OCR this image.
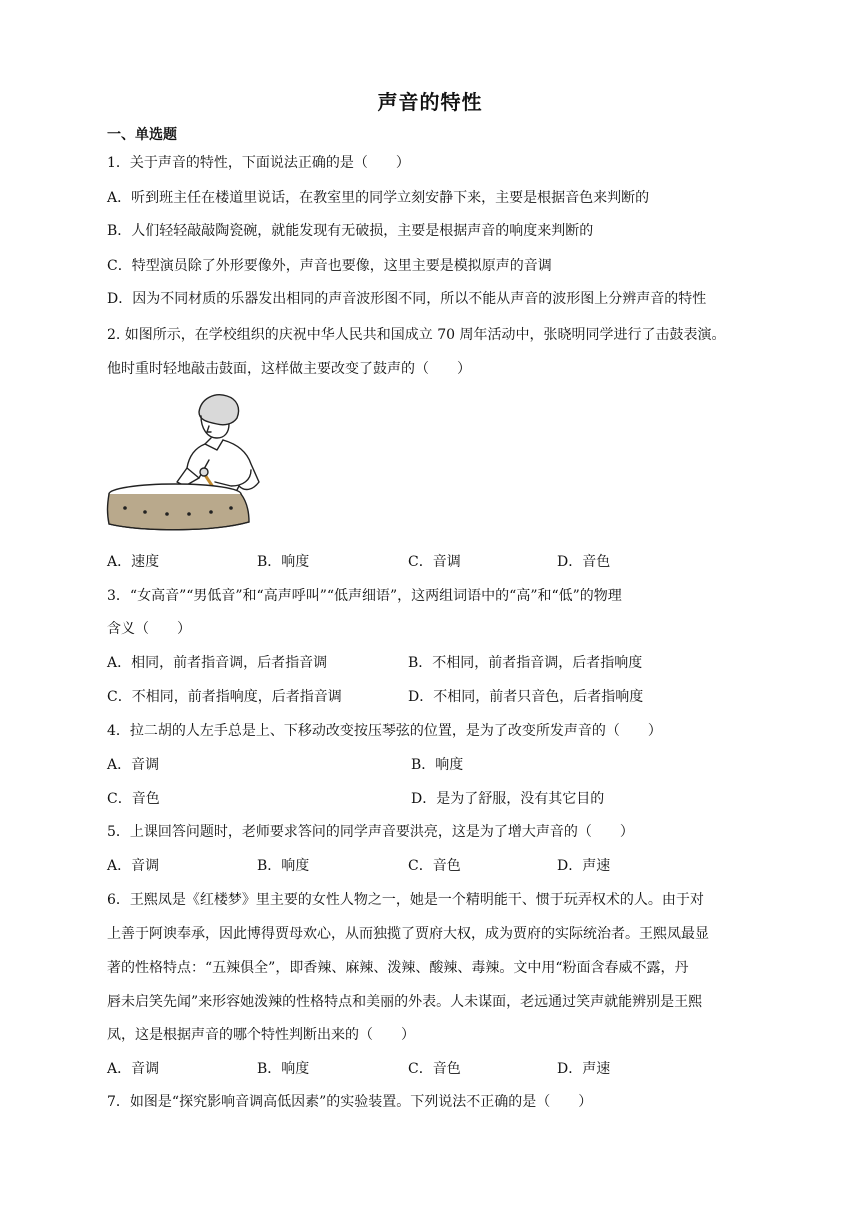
声音的特性
一、单选题
1．关于声音的特性，下面说法正确的是（　　）
A．听到班主任在楼道里说话，在教室里的同学立刻安静下来，主要是根据音色来判断的
B．人们轻轻敲敲陶瓷碗，就能发现有无破损，主要是根据声音的响度来判断的
C．特型演员除了外形要像外，声音也要像，这里主要是模拟原声的音调
D．因为不同材质的乐器发出相同的声音波形图不同，所以不能从声音的波形图上分辨声音的特性
2. 如图所示，在学校组织的庆祝中华人民共和国成立 70 周年活动中，张晓明同学进行了击鼓表演。
他时重时轻地敲击鼓面，这样做主要改变了鼓声的（　　）
A．速度	B．响度	C．音调	D．音色
3．“女高音”“男低音”和“高声呼叫”“低声细语”，这两组词语中的“高”和“低”的物理
含义（　　）
A．相同，前者指音调，后者指音调	B．不相同，前者指音调，后者指响度
C．不相同，前者指响度，后者指音调	D．不相同，前者只音色，后者指响度
4．拉二胡的人左手总是上、下移动改变按压琴弦的位置，是为了改变所发声音的（　　）
A．音调	B．响度
C．音色	D．是为了舒服，没有其它目的
5．上课回答问题时，老师要求答问的同学声音要洪亮，这是为了增大声音的（　　）
A．音调	B．响度	C．音色	D．声速
6．王熙凤是《红楼梦》里主要的女性人物之一，她是一个精明能干、惯于玩弄权术的人。由于对
上善于阿谀奉承，因此博得贾母欢心，从而独揽了贾府大权，成为贾府的实际统治者。王熙凤最显
著的性格特点：“五辣俱全”，即香辣、麻辣、泼辣、酸辣、毒辣。文中用“粉面含春威不露，丹
唇未启笑先闻”来形容她泼辣的性格特点和美丽的外表。人未谋面，老远通过笑声就能辨别是王熙
凤，这是根据声音的哪个特性判断出来的（　　）
A．音调	B．响度	C．音色	D．声速
7．如图是“探究影响音调高低因素”的实验装置。下列说法不正确的是（　　）
